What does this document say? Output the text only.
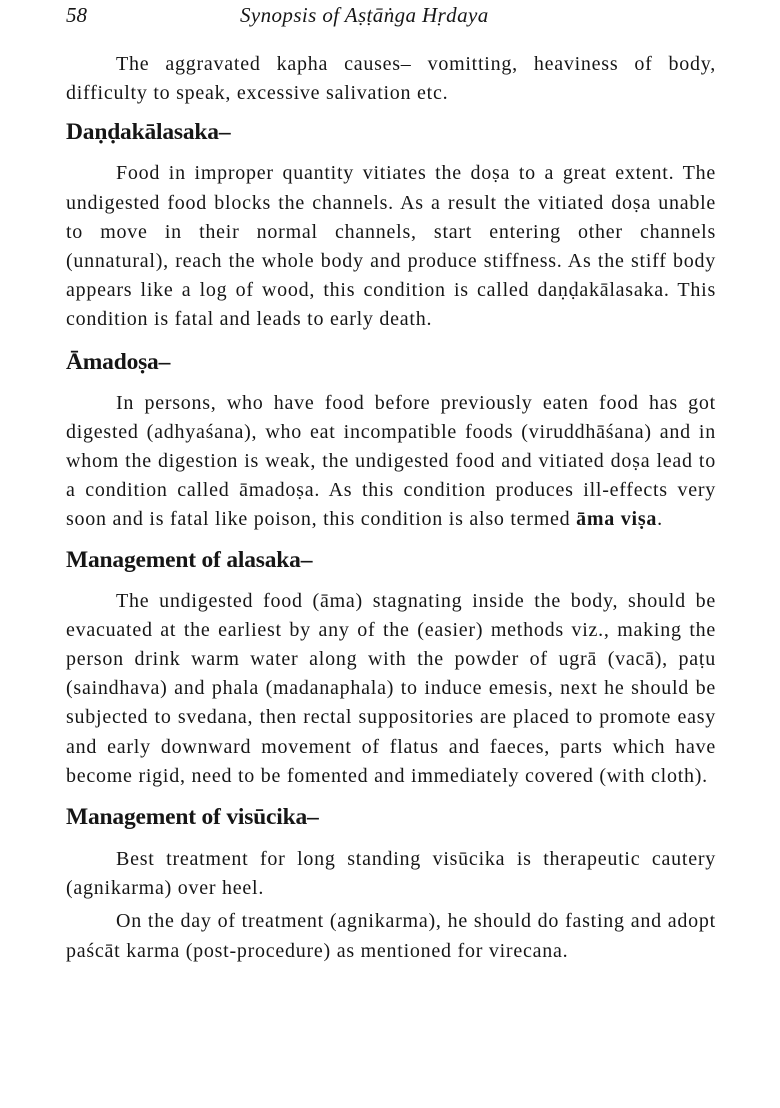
58	Synopsis of Aṣṭāṅga Hṛdaya

The aggravated kapha causes– vomitting, heaviness of body, difficulty to speak, excessive salivation etc.

Daṇḍakālasaka–

Food in improper quantity vitiates the doṣa to a great extent. The undigested food blocks the channels. As a result the vitiated doṣa unable to move in their normal channels, start entering other channels (unnatural), reach the whole body and produce stiffness. As the stiff body appears like a log of wood, this condition is called daṇḍakālasaka. This condition is fatal and leads to early death.

Āmadoṣa–

In persons, who have food before previously eaten food has got digested (adhyaśana), who eat incompatible foods (viruddhāśana) and in whom the digestion is weak, the undigested food and vitiated doṣa lead to a condition called āmadoṣa. As this condition produces ill-effects very soon and is fatal like poison, this condition is also termed āma viṣa.

Management of alasaka–

The undigested food (āma) stagnating inside the body, should be evacuated at the earliest by any of the (easier) methods viz., making the person drink warm water along with the powder of ugrā (vacā), paṭu (saindhava) and phala (madanaphala) to induce emesis, next he should be subjected to svedana, then rectal suppositories are placed to promote easy and early downward movement of flatus and faeces, parts which have become rigid, need to be fomented and immediately covered (with cloth).

Management of visūcika–

Best treatment for long standing visūcika is therapeutic cautery (agnikarma) over heel.

On the day of treatment (agnikarma), he should do fasting and adopt paścāt karma (post-procedure) as mentioned for virecana.
